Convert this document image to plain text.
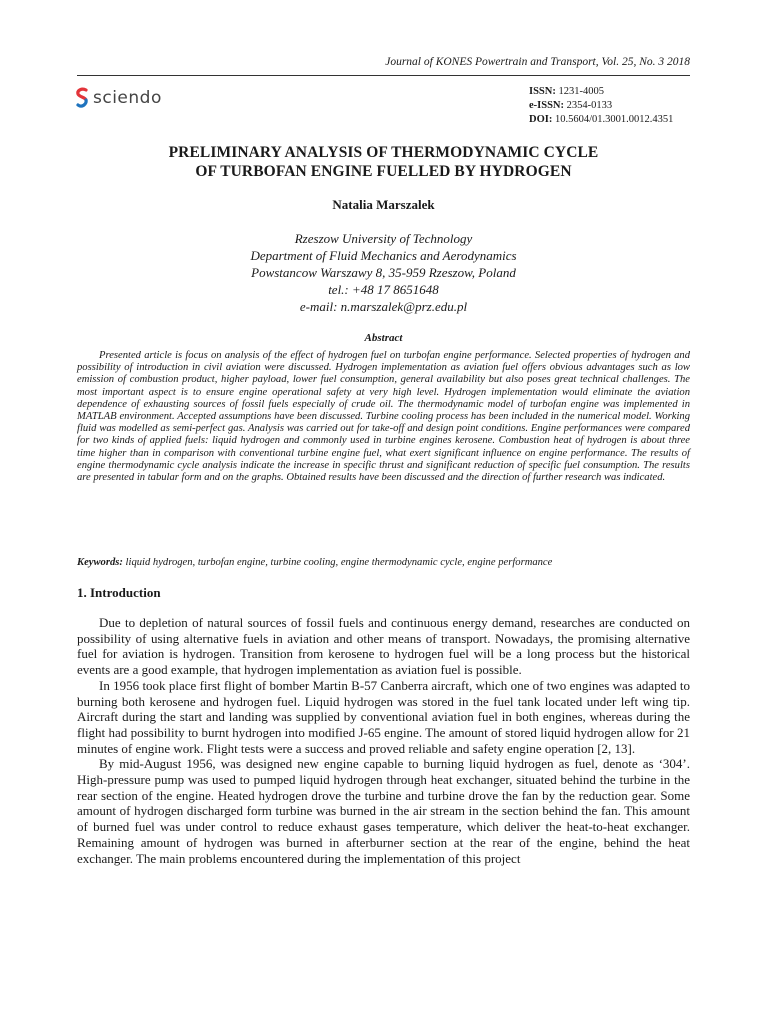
Journal of KONES Powertrain and Transport, Vol. 25, No. 3 2018
sciendo	ISSN: 1231-4005
e-ISSN: 2354-0133
DOI: 10.5604/01.3001.0012.4351
PRELIMINARY ANALYSIS OF THERMODYNAMIC CYCLE
OF TURBOFAN ENGINE FUELLED BY HYDROGEN
Natalia Marszalek
Rzeszow University of Technology
Department of Fluid Mechanics and Aerodynamics
Powstancow Warszawy 8, 35-959 Rzeszow, Poland
tel.: +48 17 8651648
e-mail: n.marszalek@prz.edu.pl
Abstract

Presented article is focus on analysis of the effect of hydrogen fuel on turbofan engine performance. Selected properties of hydrogen and possibility of introduction in civil aviation were discussed. Hydrogen implementation as aviation fuel offers obvious advantages such as low emission of combustion product, higher payload, lower fuel consumption, general availability but also poses great technical challenges. The most important aspect is to ensure engine operational safety at very high level. Hydrogen implementation would eliminate the aviation dependence of exhausting sources of fossil fuels especially of crude oil. The thermodynamic model of turbofan engine was implemented in MATLAB environment. Accepted assumptions have been discussed. Turbine cooling process has been included in the numerical model. Working fluid was modelled as semi-perfect gas. Analysis was carried out for take-off and design point conditions. Engine performances were compared for two kinds of applied fuels: liquid hydrogen and commonly used in turbine engines kerosene. Combustion heat of hydrogen is about three time higher than in comparison with conventional turbine engine fuel, what exert significant influence on engine performance. The results of engine thermodynamic cycle analysis indicate the increase in specific thrust and significant reduction of specific fuel consumption. The results are presented in tabular form and on the graphs. Obtained results have been discussed and the direction of further research was indicated.

Keywords: liquid hydrogen, turbofan engine, turbine cooling, engine thermodynamic cycle, engine performance
1. Introduction

Due to depletion of natural sources of fossil fuels and continuous energy demand, researches are conducted on possibility of using alternative fuels in aviation and other means of transport. Nowadays, the promising alternative fuel for aviation is hydrogen. Transition from kerosene to hydrogen fuel will be a long process but the historical events are a good example, that hydrogen implementation as aviation fuel is possible.

In 1956 took place first flight of bomber Martin B-57 Canberra aircraft, which one of two engines was adapted to burning both kerosene and hydrogen fuel. Liquid hydrogen was stored in the fuel tank located under left wing tip. Aircraft during the start and landing was supplied by conventional aviation fuel in both engines, whereas during the flight had possibility to burnt hydrogen into modified J-65 engine. The amount of stored liquid hydrogen allow for 21 minutes of engine work. Flight tests were a success and proved reliable and safety engine operation [2, 13].

By mid-August 1956, was designed new engine capable to burning liquid hydrogen as fuel, denote as ‘304’. High-pressure pump was used to pumped liquid hydrogen through heat exchanger, situated behind the turbine in the rear section of the engine. Heated hydrogen drove the turbine and turbine drove the fan by the reduction gear. Some amount of hydrogen discharged form turbine was burned in the air stream in the section behind the fan. This amount of burned fuel was under control to reduce exhaust gases temperature, which deliver the heat-to-heat exchanger. Remaining amount of hydrogen was burned in afterburner section at the rear of the engine, behind the heat exchanger. The main problems encountered during the implementation of this project
